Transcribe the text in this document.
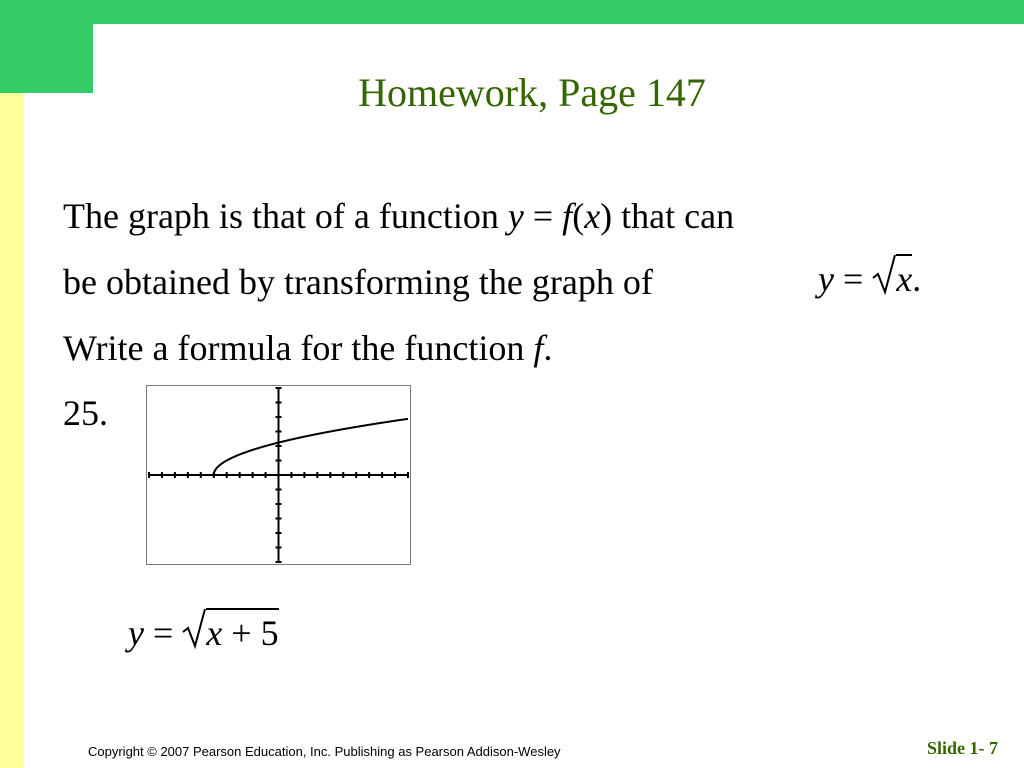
Homework, Page 147
The graph is that of a function y = f(x) that can
be obtained by transforming the graph of	y =
x.
Write a formula for the function f.
25.
y =
x + 5
Copyright © 2007 Pearson Education, Inc. Publishing as Pearson Addison-Wesley	Slide 1- 7
